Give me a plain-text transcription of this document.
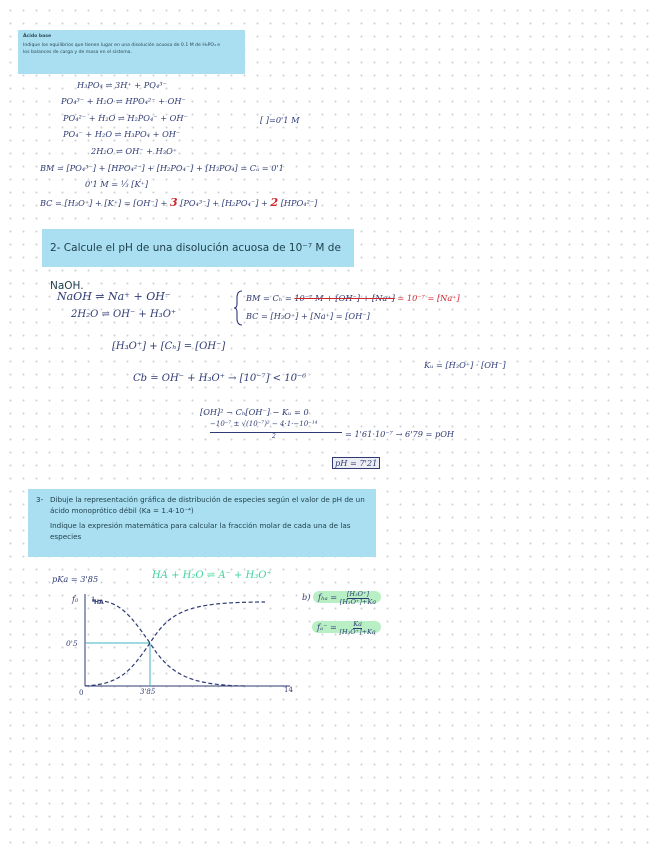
Ácido base
Indique los equilibrios que tienen lugar en una disolución acuosa de 0.1 M de H₃PO₄ e
los balances de carga y de masa en el sistema.
H₃PO₄ ⇌ 3H⁺ + PO₄³⁻
PO₄³⁻ + H₂O ⇌ HPO₄²⁻ + OH⁻
PO₄²⁻ + H₂O ⇌ H₂PO₄⁻ + OH⁻
PO₄⁻ + H₂O ⇌ H₃PO₄ + OH⁻
2H₂O ⇌ OH⁻ + H₃O⁺
[ ]=0'1 M
BM = [PO₄³⁻] + [HPO₄²⁻] + [H₂PO₄⁻] + [H₃PO₄] = Cₐ = 0'1
0'1 M = ⅓ [K⁺]
BC = [H₃O⁺] + [K⁺] = [OH⁻] + 3 [PO₄³⁻] + [H₂PO₄⁻] + 2 [HPO₄²⁻]
2- Calcule el pH de una disolución acuosa de 10⁻⁷ M de NaOH.
NaOH ⇌ Na⁺ + OH⁻
2H₂O ⇌ OH⁻ + H₃O⁺
BM = Cₕ = 10⁻⁷ M + [OH⁻] + [Na⁺] = 10⁻⁷ = [Na⁺]
BC = [H₃O⁺] + [Na⁺] = [OH⁻]
[H₃O⁺] + [Cₕ] = [OH⁻]
Kᵤ = [H₃O⁺] · [OH⁻]
Cb = OH⁻ + H₃O⁺ → [10⁻⁷] < 10⁻⁶
[OH]² − Cₕ[OH⁻] − Kᵤ = 0
−10⁻⁷ ± √(10⁻⁷)² − 4·1·−10⁻¹⁴
2	= 1'61·10⁻⁷ → 6'79 = pOH
pH = 7'21
3- Dibuje la representación gráfica de distribución de especies según el valor de pH de un ácido monoprótico débil (Ka = 1.4·10⁻⁴)
Indique la expresión matemática para calcular la fracción molar de cada una de las especies
pKa = 3'85	HA + H₂O ⇌ A⁻ + H₃O⁺
b) $f_{ha} = \frac{\text{[H₃O⁺]}}{\text{[H₃O⁺]+Ka}}$
$f_a^- = \frac{Ka}{\text{[H₃O⁺]+Ka}}$
f₀ 1
HA
0'5
0	3'85	14
